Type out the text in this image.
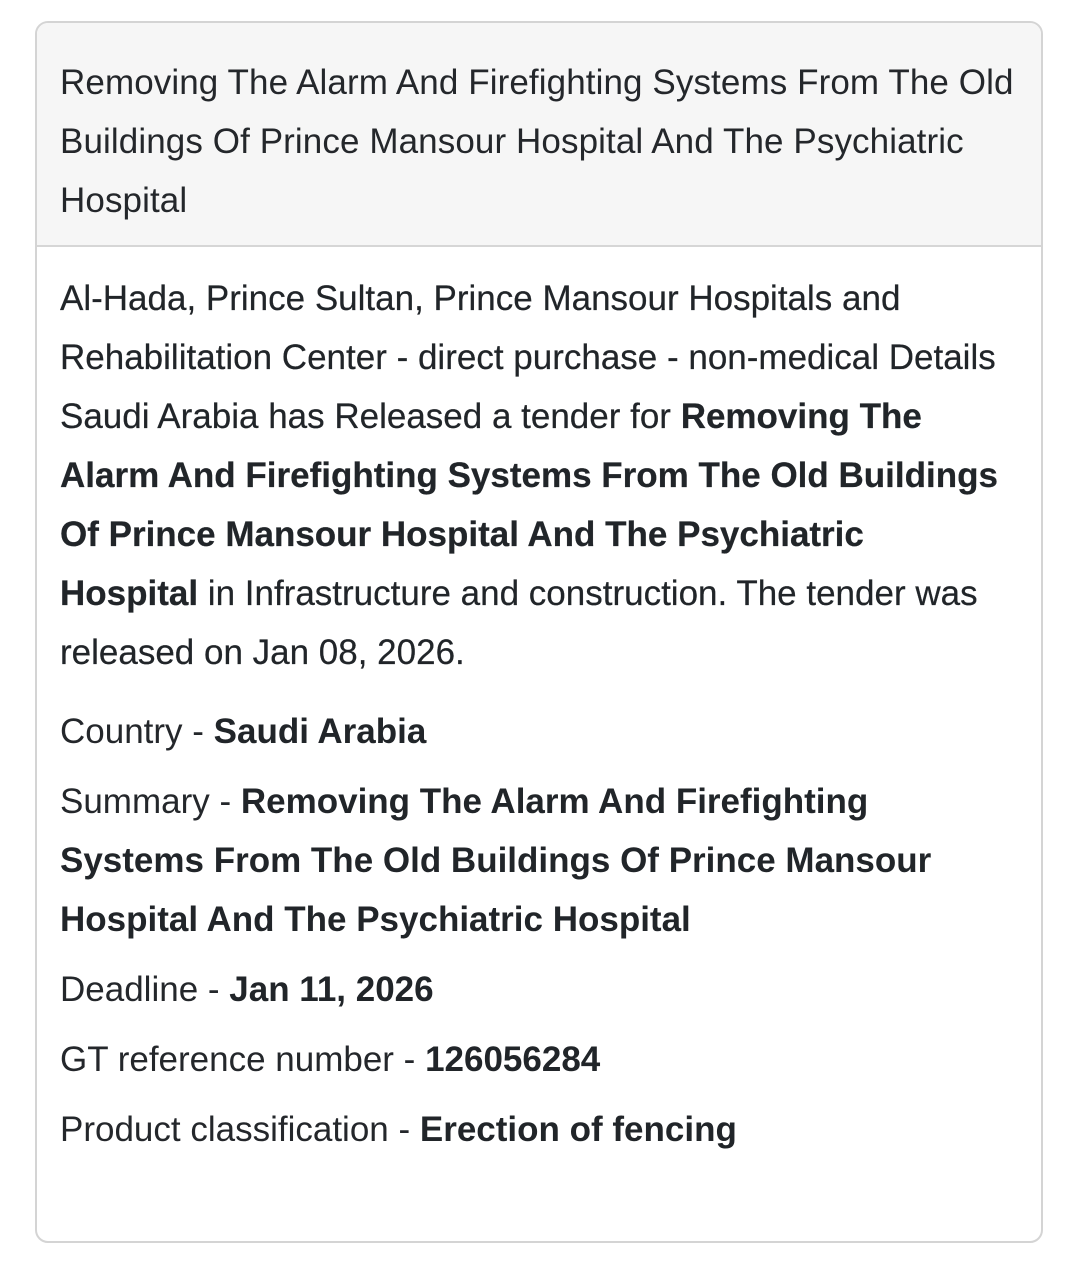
Removing The Alarm And Firefighting Systems From The Old Buildings Of Prince Mansour Hospital And The Psychiatric Hospital

Al-Hada, Prince Sultan, Prince Mansour Hospitals and Rehabilitation Center - direct purchase - non-medical Details Saudi Arabia has Released a tender for Removing The Alarm And Firefighting Systems From The Old Buildings Of Prince Mansour Hospital And The Psychiatric Hospital in Infrastructure and construction. The tender was released on Jan 08, 2026.

Country - Saudi Arabia

Summary - Removing The Alarm And Firefighting Systems From The Old Buildings Of Prince Mansour Hospital And The Psychiatric Hospital

Deadline - Jan 11, 2026

GT reference number - 126056284

Product classification - Erection of fencing
